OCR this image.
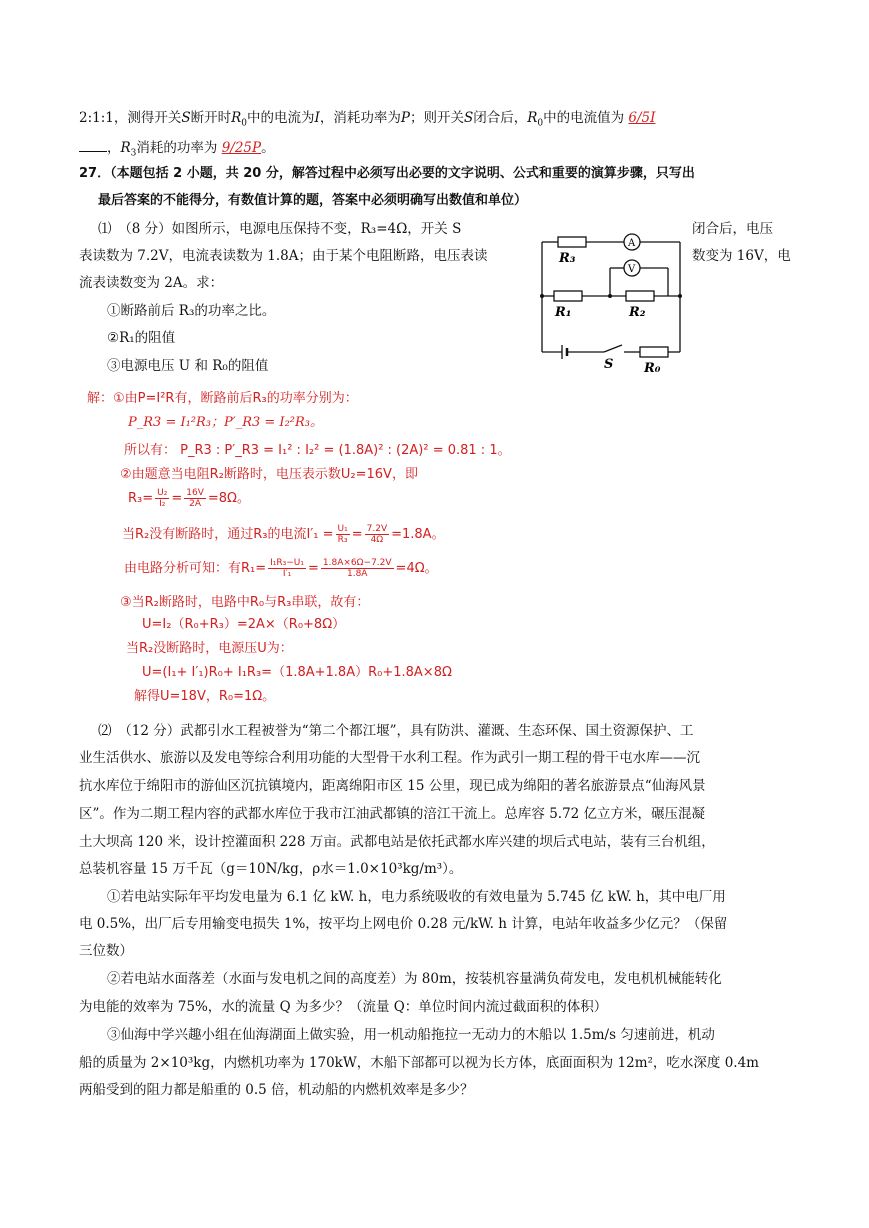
2:1:1，测得开关S断开时$R_0$中的电流为I，消耗功率为P；则开关S闭合后，$R_0$中的电流值为 6/5I
，$R_3$消耗的功率为 9/25P。
27．（本题包括 2 小题，共 20 分，解答过程中必须写出必要的文字说明、公式和重要的演算步骤，只写出
最后答案的不能得分，有数值计算的题，答案中必须明确写出数值和单位）
⑴　（8 分）如图所示，电源电压保持不变，R₃=4Ω，开关 S	闭合后，电压
表读数为 7.2V，电流表读数为 1.8A；由于某个电阻断路，电压表读	数变为 16V，电
流表读数变为 2A。求：
①断路前后 R₃的功率之比。
②R₁的阻值
③电源电压 U 和 R₀的阻值
A
V
R₃
R₁	R₂
S R₀
解：①由P=I²R有，断路前后R₃的功率分别为：
P_R3 = I₁²R₃；P′_R3 = I₂²R₃。
所以有： P_R3 : P′_R3 = I₁² : I₂² = (1.8A)² : (2A)² = 0.81 : 1。
②由题意当电阻R₂断路时，电压表示数U₂=16V，即
$R_3= \frac{\text{U₂}}{\text{I₂}} = \frac{16V}{2A} =8\Omega$。
当R₂没有断路时，通过R₃的电流$I'_1 = \frac{\text{U₁}}{\text{R₃}} = \frac{7.2V}{4\Omega} =1.8A$。
由电路分析可知：有$R_1= \frac{\text{I₁R₃−U₁}}{\text{I′₁}} = \frac{1.8A\times 6\Omega-7.2V}{1.8A} =4\Omega$。
③当R₂断路时，电路中R₀与R₃串联，故有：
U=I₂（R₀+R₃）=2A×（R₀+8Ω）
当R₂没断路时，电源压U为：
U=(I₁+ I′₁)R₀+ I₁R₃=（1.8A+1.8A）R₀+1.8A×8Ω
解得U=18V，R₀=1Ω。
⑵　（12 分）武都引水工程被誉为“第二个都江堰”，具有防洪、灌溉、生态环保、国土资源保护、工
业生活供水、旅游以及发电等综合利用功能的大型骨干水利工程。作为武引一期工程的骨干屯水库——沉
抗水库位于绵阳市的游仙区沉抗镇境内，距离绵阳市区 15 公里，现已成为绵阳的著名旅游景点“仙海风景
区”。作为二期工程内容的武都水库位于我市江油武都镇的涪江干流上。总库容 5.72 亿立方米，碾压混凝
土大坝高 120 米，设计控灌面积 228 万亩。武都电站是依托武都水库兴建的坝后式电站，装有三台机组，
总装机容量 15 万千瓦（g＝10N/kg，ρ水＝1.0×10³kg/m³）。
①若电站实际年平均发电量为 6.1 亿 kW. h，电力系统吸收的有效电量为 5.745 亿 kW. h，其中电厂用
电 0.5%，出厂后专用输变电损失 1%，按平均上网电价 0.28 元/kW. h 计算，电站年收益多少亿元？（保留
三位数）
②若电站水面落差（水面与发电机之间的高度差）为 80m，按装机容量满负荷发电，发电机机械能转化
为电能的效率为 75%，水的流量 Q 为多少？（流量 Q：单位时间内流过截面积的体积）
③仙海中学兴趣小组在仙海湖面上做实验，用一机动船拖拉一无动力的木船以 1.5m/s 匀速前进，机动
船的质量为 2×10³kg，内燃机功率为 170kW，木船下部都可以视为长方体，底面面积为 12m²，吃水深度 0.4m
两船受到的阻力都是船重的 0.5 倍，机动船的内燃机效率是多少？
